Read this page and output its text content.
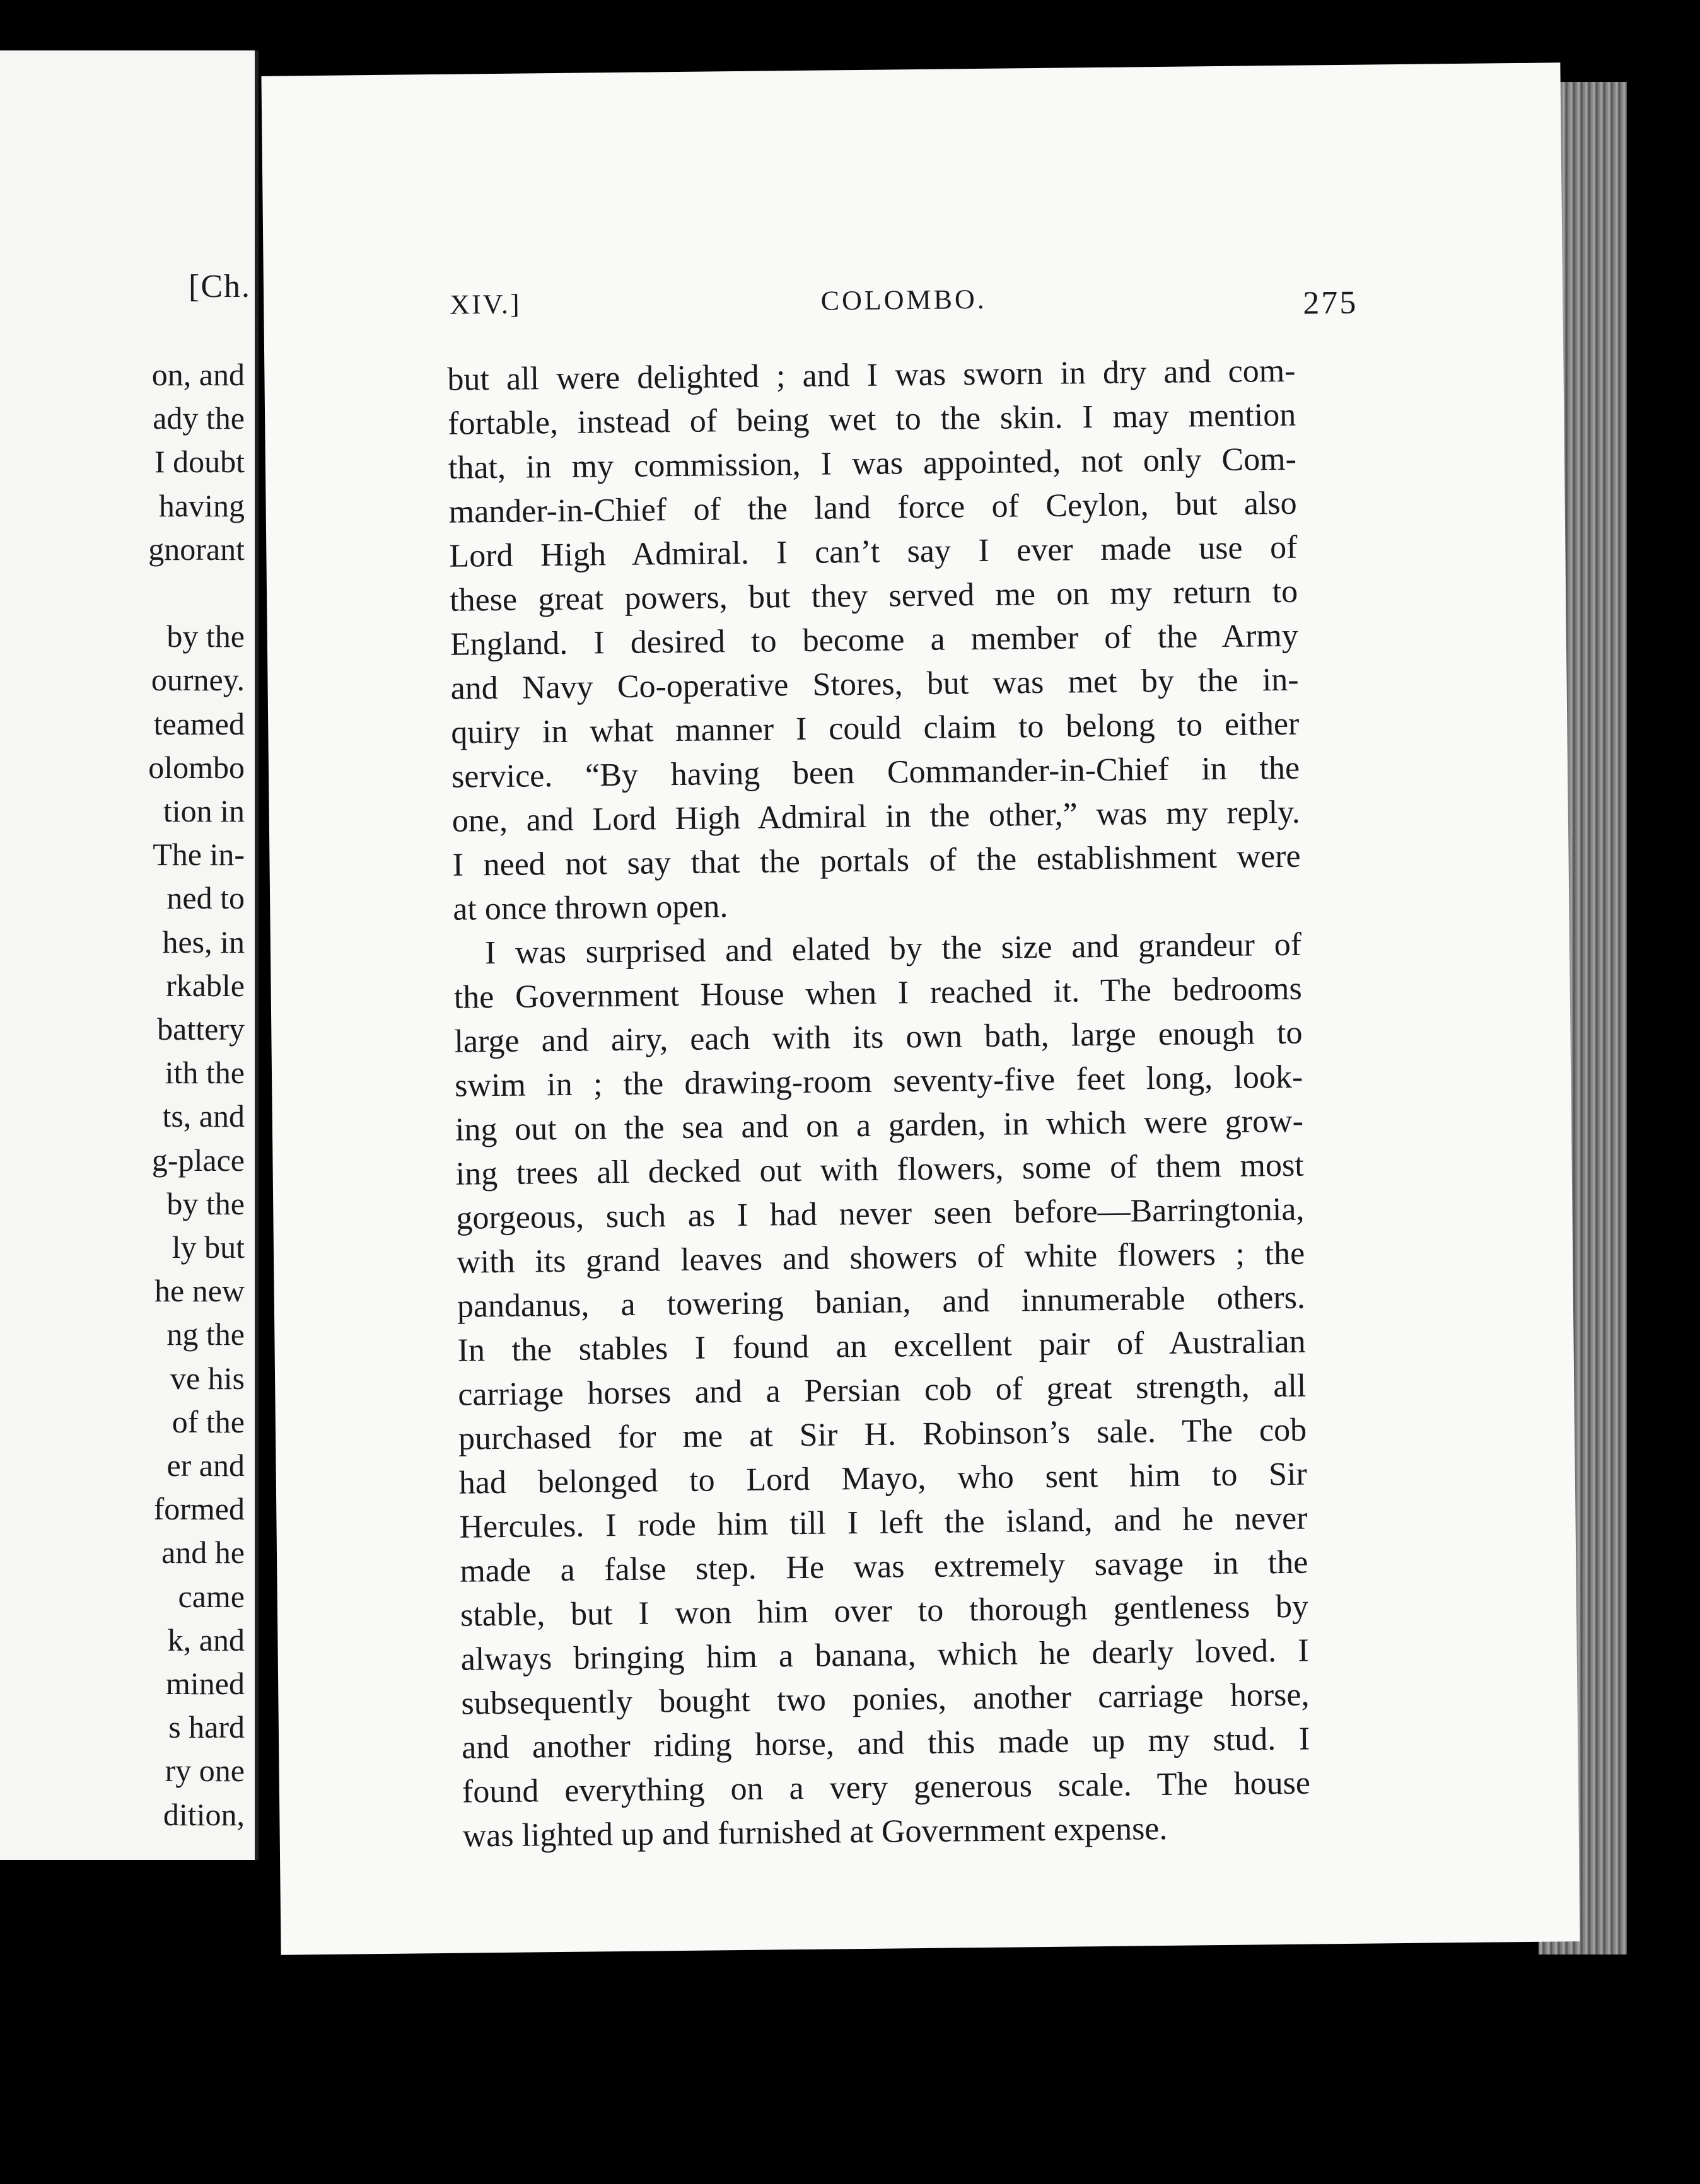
[Ch.
on, and
ady the
I doubt
having
gnorant
by the
ourney.
teamed
olombo
tion in
The in-
ned to
hes, in
rkable
battery
ith the
ts, and
g-place
by the
ly but
he new
ng the
ve his
of the
er and
formed
and he
came
k, and
mined
s hard
ry one
dition,
XIV.]	COLOMBO.	275
but all were delighted ; and I was sworn in dry and com-
fortable, instead of being wet to the skin. I may mention
that, in my commission, I was appointed, not only Com-
mander-in-Chief of the land force of Ceylon, but also
Lord High Admiral. I can’t say I ever made use of
these great powers, but they served me on my return to
England. I desired to become a member of the Army
and Navy Co-operative Stores, but was met by the in-
quiry in what manner I could claim to belong to either
service. “By having been Commander-in-Chief in the
one, and Lord High Admiral in the other,” was my reply.
I need not say that the portals of the establishment were
at once thrown open.
I was surprised and elated by the size and grandeur of
the Government House when I reached it. The bedrooms
large and airy, each with its own bath, large enough to
swim in ; the drawing-room seventy-five feet long, look-
ing out on the sea and on a garden, in which were grow-
ing trees all decked out with flowers, some of them most
gorgeous, such as I had never seen before—Barringtonia,
with its grand leaves and showers of white flowers ; the
pandanus, a towering banian, and innumerable others.
In the stables I found an excellent pair of Australian
carriage horses and a Persian cob of great strength, all
purchased for me at Sir H. Robinson’s sale. The cob
had belonged to Lord Mayo, who sent him to Sir
Hercules. I rode him till I left the island, and he never
made a false step. He was extremely savage in the
stable, but I won him over to thorough gentleness by
always bringing him a banana, which he dearly loved. I
subsequently bought two ponies, another carriage horse,
and another riding horse, and this made up my stud. I
found everything on a very generous scale. The house
was lighted up and furnished at Government expense.
